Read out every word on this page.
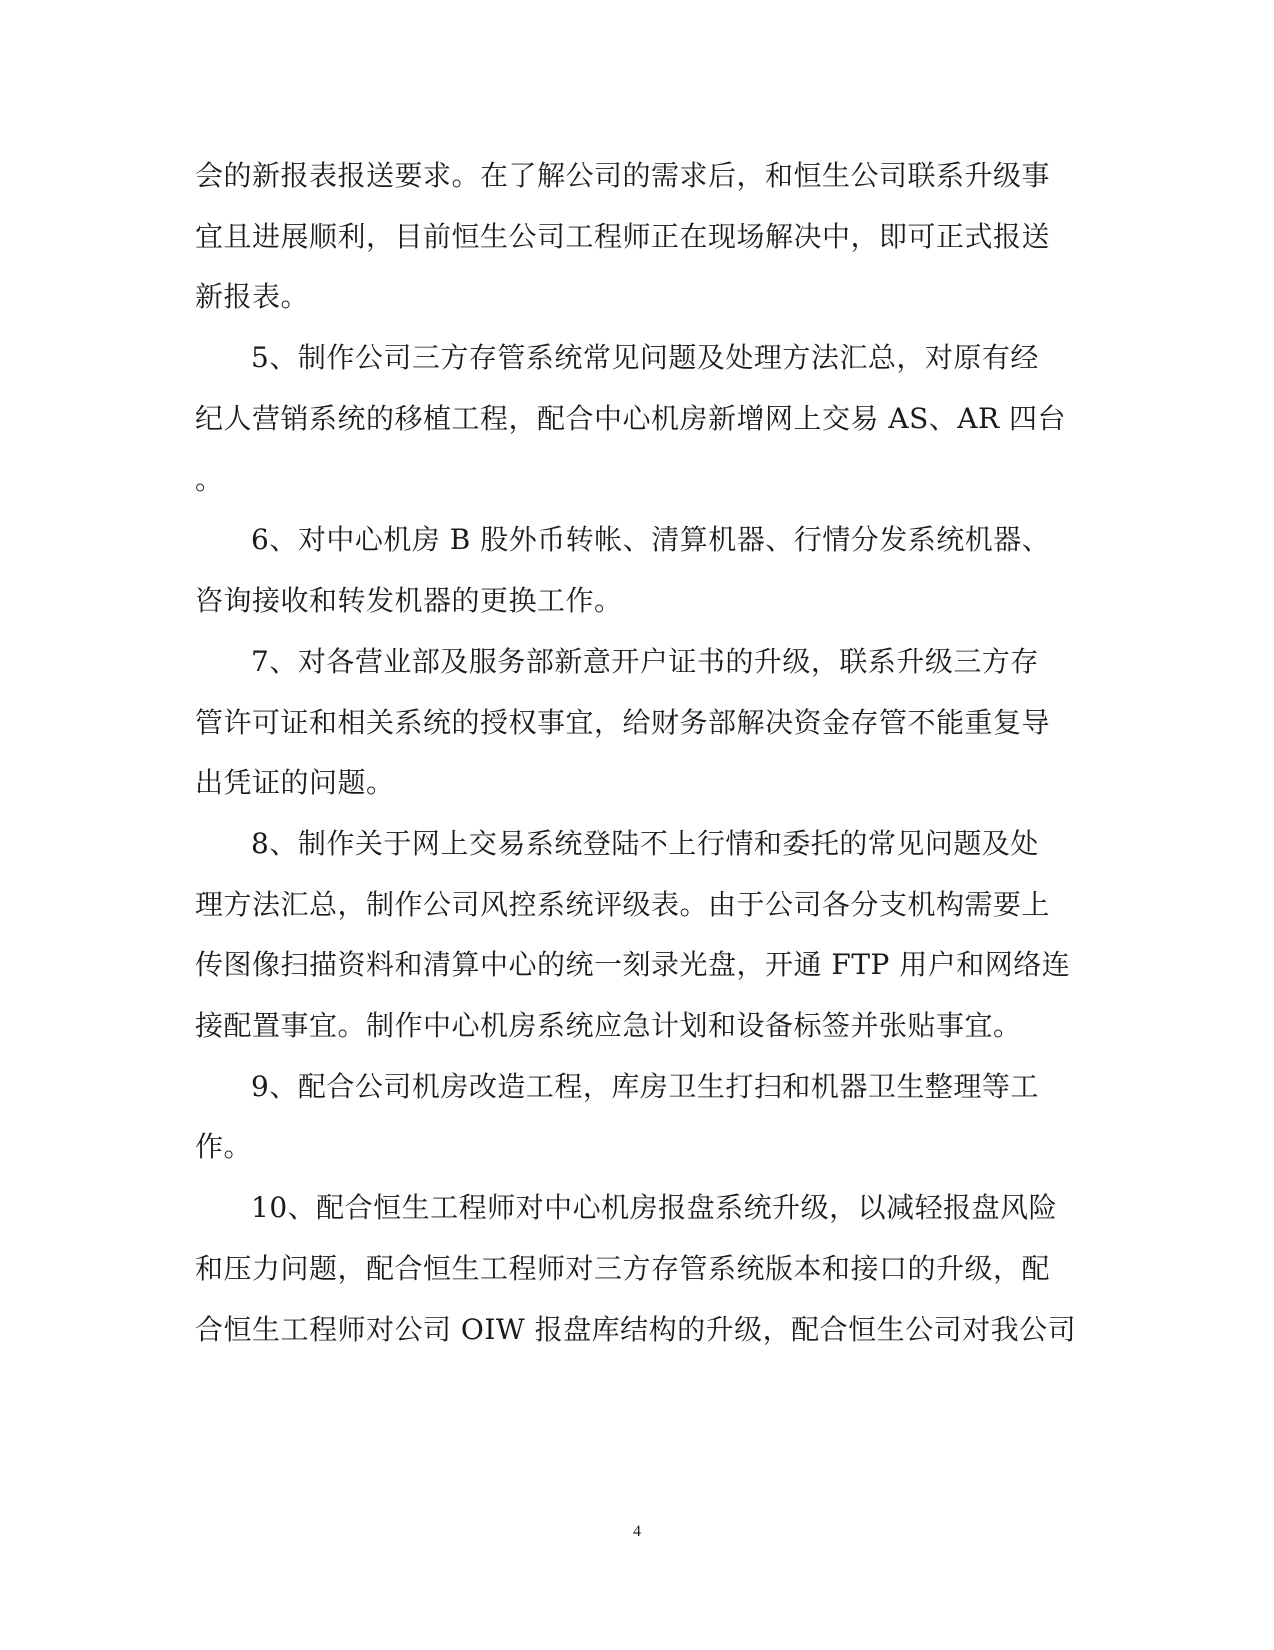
会的新报表报送要求。在了解公司的需求后，和恒生公司联系升级事
宜且进展顺利，目前恒生公司工程师正在现场解决中，即可正式报送
新报表。
5、制作公司三方存管系统常见问题及处理方法汇总，对原有经
纪人营销系统的移植工程，配合中心机房新增网上交易 AS、AR 四台
。
6、对中心机房 B 股外币转帐、清算机器、行情分发系统机器、
咨询接收和转发机器的更换工作。
7、对各营业部及服务部新意开户证书的升级，联系升级三方存
管许可证和相关系统的授权事宜，给财务部解决资金存管不能重复导
出凭证的问题。
8、制作关于网上交易系统登陆不上行情和委托的常见问题及处
理方法汇总，制作公司风控系统评级表。由于公司各分支机构需要上
传图像扫描资料和清算中心的统一刻录光盘，开通 FTP 用户和网络连
接配置事宜。制作中心机房系统应急计划和设备标签并张贴事宜。
9、配合公司机房改造工程，库房卫生打扫和机器卫生整理等工
作。
10、配合恒生工程师对中心机房报盘系统升级，以减轻报盘风险
和压力问题，配合恒生工程师对三方存管系统版本和接口的升级，配
合恒生工程师对公司 OIW 报盘库结构的升级，配合恒生公司对我公司
4
